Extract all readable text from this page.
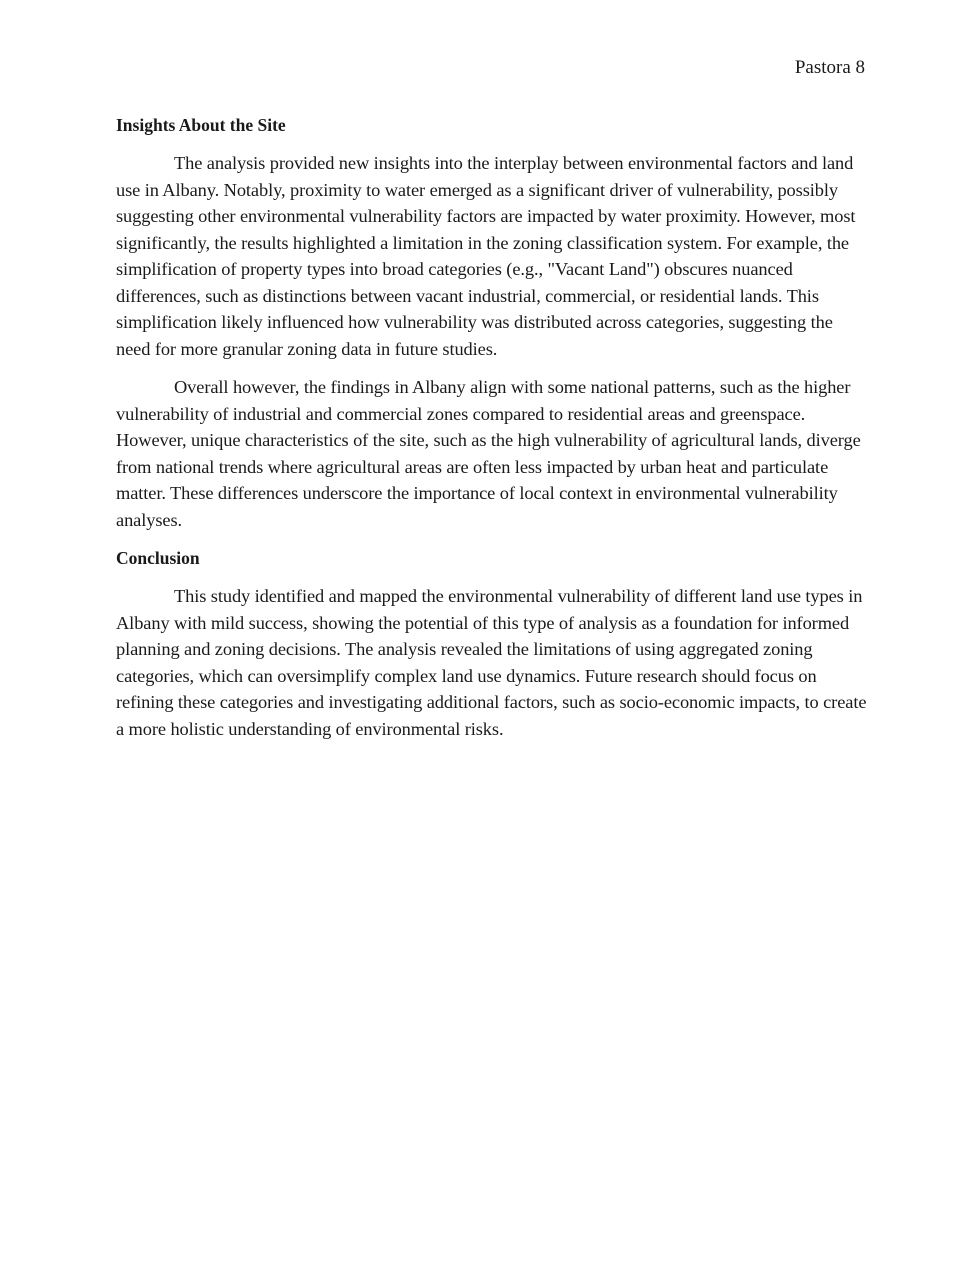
Pastora 8
Insights About the Site

The analysis provided new insights into the interplay between environmental factors and land use in Albany. Notably, proximity to water emerged as a significant driver of vulnerability, possibly suggesting other environmental vulnerability factors are impacted by water proximity. However, most significantly, the results highlighted a limitation in the zoning classification system. For example, the simplification of property types into broad categories (e.g., "Vacant Land") obscures nuanced differences, such as distinctions between vacant industrial, commercial, or residential lands. This simplification likely influenced how vulnerability was distributed across categories, suggesting the need for more granular zoning data in future studies.

Overall however, the findings in Albany align with some national patterns, such as the higher vulnerability of industrial and commercial zones compared to residential areas and greenspace. However, unique characteristics of the site, such as the high vulnerability of agricultural lands, diverge from national trends where agricultural areas are often less impacted by urban heat and particulate matter. These differences underscore the importance of local context in environmental vulnerability analyses.

Conclusion

This study identified and mapped the environmental vulnerability of different land use types in Albany with mild success, showing the potential of this type of analysis as a foundation for informed planning and zoning decisions. The analysis revealed the limitations of using aggregated zoning categories, which can oversimplify complex land use dynamics. Future research should focus on refining these categories and investigating additional factors, such as socio-economic impacts, to create a more holistic understanding of environmental risks.
